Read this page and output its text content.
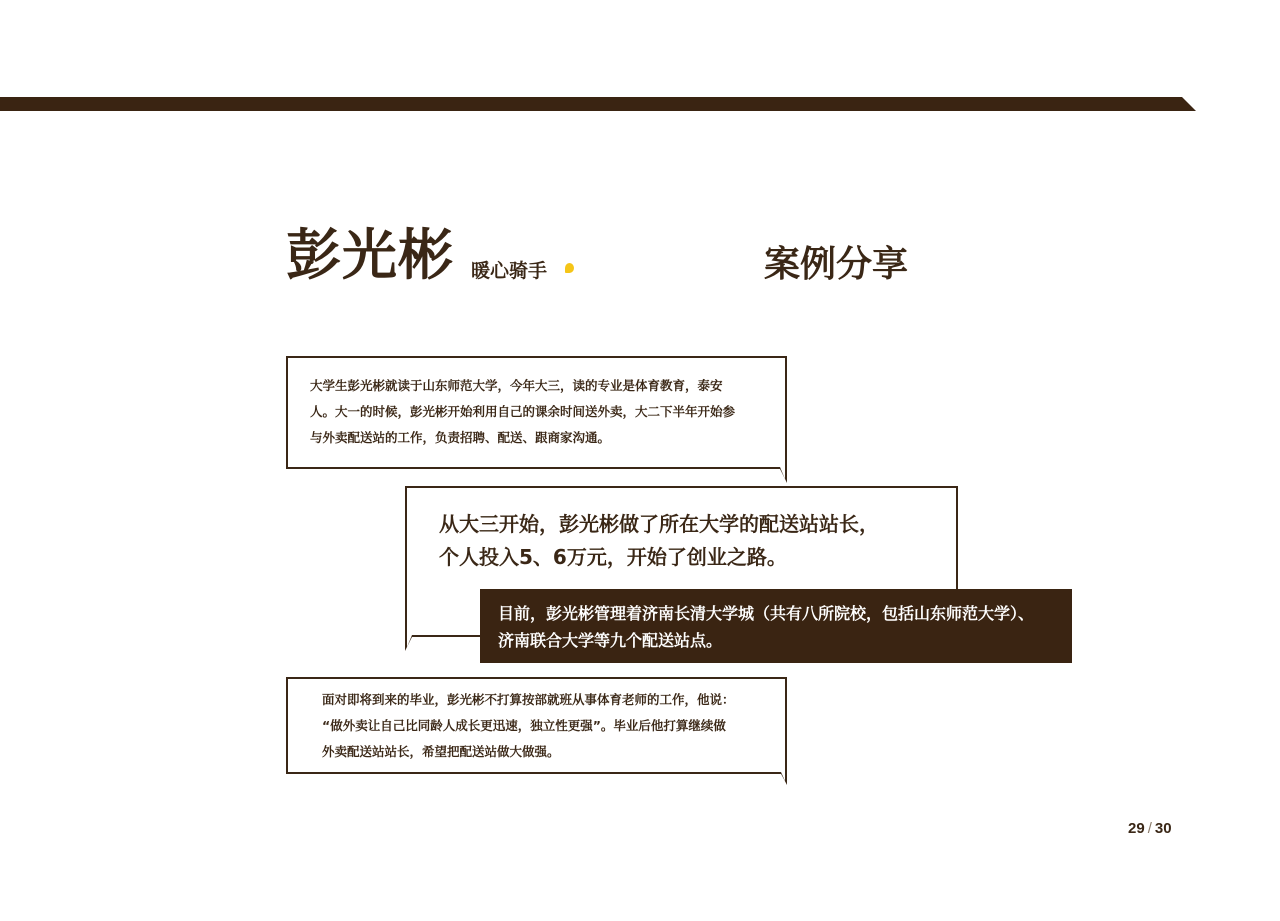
彭光彬 暖心骑手	案例分享
大学生彭光彬就读于山东师范大学，今年大三，读的专业是体育教育，泰安
人。大一的时候，彭光彬开始利用自己的课余时间送外卖，大二下半年开始参
与外卖配送站的工作，负责招聘、配送、跟商家沟通。
从大三开始，彭光彬做了所在大学的配送站站长，
个人投入5、6万元，开始了创业之路。
目前，彭光彬管理着济南长清大学城（共有八所院校，包括山东师范大学）、
济南联合大学等九个配送站点。
面对即将到来的毕业，彭光彬不打算按部就班从事体育老师的工作，他说：
“做外卖让自己比同龄人成长更迅速，独立性更强”。毕业后他打算继续做
外卖配送站站长，希望把配送站做大做强。
29 / 30
